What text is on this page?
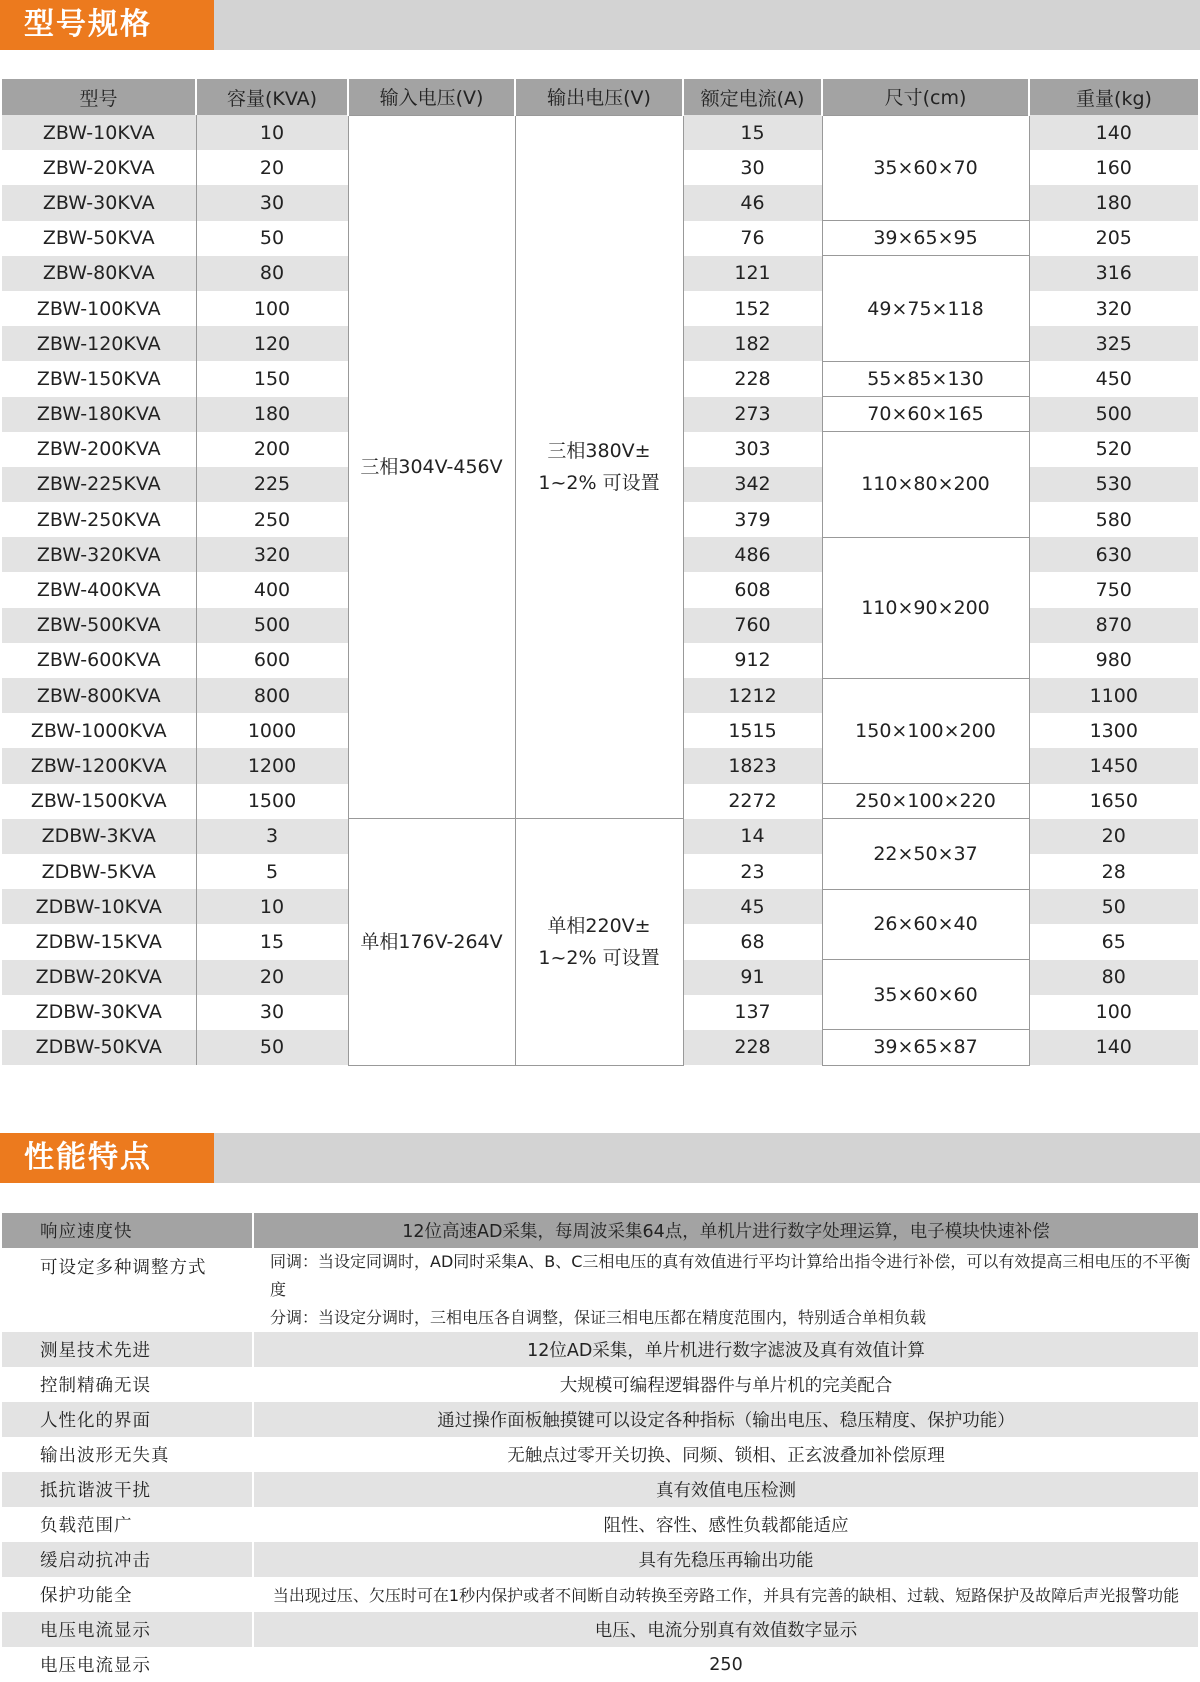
型号规格
型号	容量(KVA)	输入电压(V)	输出电压(V)	额定电流(A)	尺寸(cm)	重量(kg)
ZBW-10KVA	10	三相304V-456V	三相380V±
1~2% 可设置	15	35×60×70	140
ZBW-20KVA	20			30		160
ZBW-30KVA	30			46		180
ZBW-50KVA	50			76	39×65×95	205
ZBW-80KVA	80			121	49×75×118	316
ZBW-100KVA	100			152		320
ZBW-120KVA	120			182		325
ZBW-150KVA	150			228	55×85×130	450
ZBW-180KVA	180			273	70×60×165	500
ZBW-200KVA	200			303	110×80×200	520
ZBW-225KVA	225			342		530
ZBW-250KVA	250			379		580
ZBW-320KVA	320			486	110×90×200	630
ZBW-400KVA	400			608		750
ZBW-500KVA	500			760		870
ZBW-600KVA	600			912		980
ZBW-800KVA	800			1212	150×100×200	1100
ZBW-1000KVA	1000			1515		1300
ZBW-1200KVA	1200			1823		1450
ZBW-1500KVA	1500			2272	250×100×220	1650
ZDBW-3KVA	3	单相176V-264V	单相220V±
1~2% 可设置	14	22×50×37	20
ZDBW-5KVA	5			23		28
ZDBW-10KVA	10			45	26×60×40	50
ZDBW-15KVA	15			68		65
ZDBW-20KVA	20			91	35×60×60	80
ZDBW-30KVA	30			137		100
ZDBW-50KVA	50			228	39×65×87	140
性能特点
响应速度快	12位高速AD采集，每周波采集64点，单机片进行数字处理运算，电子模块快速补偿
可设定多种调整方式	同调：当设定同调时，AD同时采集A、B、C三相电压的真有效值进行平均计算给出指令进行补偿，可以有效提高三相电压的不平衡度
分调：当设定分调时，三相电压各自调整，保证三相电压都在精度范围内，特别适合单相负载

测星技术先进	12位AD采集，单片机进行数字滤波及真有效值计算
控制精确无误	大规模可编程逻辑器件与单片机的完美配合
人性化的界面	通过操作面板触摸键可以设定各种指标（输出电压、稳压精度、保护功能）
输出波形无失真	无触点过零开关切换、同频、锁相、正玄波叠加补偿原理
抵抗谐波干扰	真有效值电压检测
负载范围广	阻性、容性、感性负载都能适应
缓启动抗冲击	具有先稳压再输出功能
保护功能全	当出现过压、欠压时可在1秒内保护或者不间断自动转换至旁路工作，并具有完善的缺相、过载、短路保护及故障后声光报警功能
电压电流显示	电压、电流分别真有效值数字显示
电压电流显示	250
